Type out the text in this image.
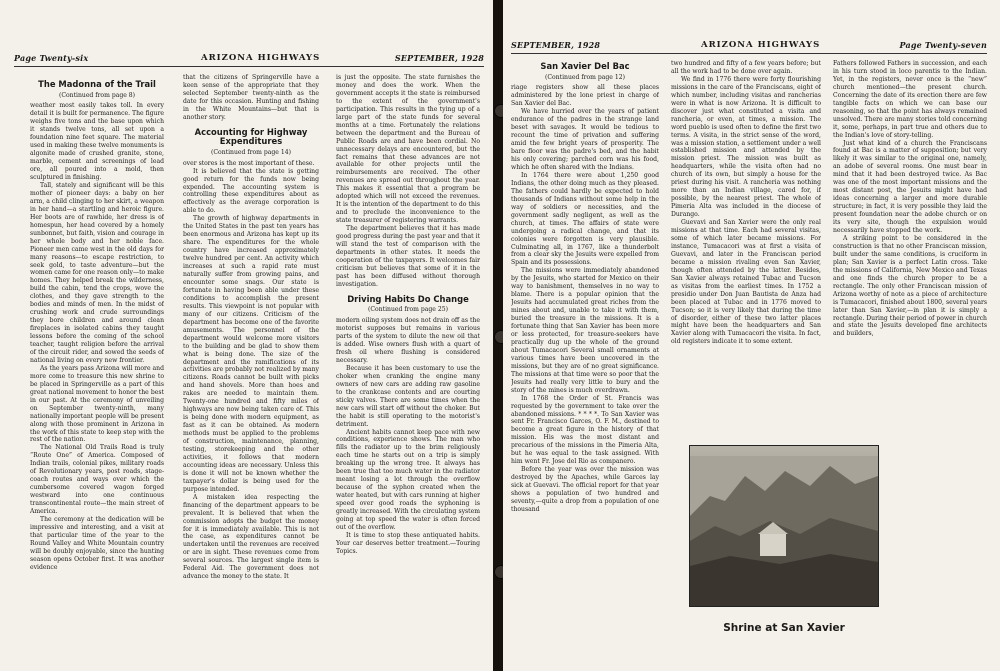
Page Twenty-six	ARIZONA HIGHWAYS	SEPTEMBER, 1928
The Madonna of the Trail

(Continued from page 8)

weather most easily takes toll. In every detail it is built for permanence. The figure weighs five tons and the base upon which it stands twelve tons, all set upon a foundation nine feet square. The material used in making these twelve monuments is algonite made of crushed granite, stone, marble, cement and screenings of lead ore, all poured into a mold, then sculptured in finishing.

Tall, stately and significant will be this mother of pioneer days: a baby on her arm, a child clinging to her skirt, a weapon in her hand—a startling and heroic figure. Her boots are of rawhide, her dress is of homespun, her head covered by a homely sunbonnet, but faith, vision and courage in her whole body and her noble face. Pioneer men came west in the old days for many reasons—to escape restriction, to seek gold, to taste adventure—but the women came for one reason only—to make homes. They helped break the wilderness, build the cabin, tend the crops, wove the clothes, and they gave strength to the bodies and minds of men. In the midst of crushing work and crude surroundings they bore children and around clean fireplaces in isolated cabins they taught lessons before the coming of the school teacher, taught religion before the arrival of the circuit rider, and sowed the seeds of national living on every new frontier.

As the years pass Arizona will more and more come to treasure this new shrine to be placed in Springerville as a part of this great national movement to honor the best in our past. At the ceremony of unveiling on September twenty-ninth, many nationally important people will be present along with those prominent in Arizona in the work of this state to keep step with the rest of the nation.

The National Old Trails Road is truly “Route One” of America. Composed of Indian trails, colonial pikes, military roads of Revolutionary years, post roads, stage-coach routes and ways over which the cumbersome covered wagon forged westward into one continuous transcontinental route—the main street of America.

The ceremony at the dedication will be impressive and interesting, and a visit at that particular time of the year to the Round Valley and White Mountain country will be doubly enjoyable, since the hunting season opens October first. It was another evidence

that the citizens of Springerville have a keen sense of the appropriate that they selected September twenty-ninth as the date for this occasion. Hunting and fishing in the White Mountains—but that is another story.

Accounting for Highway Expenditures

(Continued from page 14)

over stores is the most important of these.

It is believed that the state is getting good return for the funds now being expended. The accounting system is controlling these expenditures about as effectively as the average corporation is able to do.

The growth of highway departments in the United States in the past ten years has been enormous and Arizona has kept up its share. The expenditures for the whole country have increased approximately twelve hundred per cent. An activity which increases at such a rapid rate must naturally suffer from growing pains, and encounter some snags. Our state is fortunate in having been able under these conditions to accomplish the present results. This viewpoint is not popular with many of our citizens. Criticism of the department has become one of the favorite amusements. The personnel of the department would welcome more visitors to the building and be glad to show them what is being done. The size of the department and the ramifications of its activities are probably not realized by many citizens. Roads cannot be built with picks and hand shovels. More than hoes and rakes are needed to maintain them. Twenty-one hundred and fifty miles of highways are now being taken care of. This is being done with modern equipment, as fast as it can be obtained. As modern methods must be applied to the problems of construction, maintenance, planning, testing, storekeeping and the other activities, it follows that modern accounting ideas are necessary. Unless this is done it will not be known whether the taxpayer's dollar is being used for the purpose intended.

A mistaken idea respecting the financing of the department appears to be prevalent. It is believed that when the commission adopts the budget the money for it is immediately available. This is not the case, as expenditures cannot be undertaken until the revenues are received or are in sight. These revenues come from several sources. The largest single item is Federal Aid. The government does not advance the money to the state. It

is just the opposite. The state furnishes the money and does the work. When the government accepts it the state is reimbursed to the extent of the government's participation. This results in the tying up of a large part of the state funds for several months at a time. Fortunately the relations between the department and the Bureau of Public Roads are and have been cordial. No unnecessary delays are encountered, but the fact remains that these advances are not available for other projects until the reimbursements are received. The other revenues are spread out throughout the year. This makes it essential that a program be adopted which will not exceed the revenues. It is the intention of the department to do this and to preclude the inconvenience to the state treasurer of registering warrants.

The department believes that it has made good progress during the past year and that it will stand the test of comparison with the departments in other states. It needs the cooperation of the taxpayers. It welcomes fair criticism but believes that some of it in the past has been diffused without thorough investigation.

Driving Habits Do Change

(Continued from page 25)

modern oiling system does not drain off as the motorist supposes but remains in various parts of the system to dilute the new oil that is added. Wise owners flush with a quart of fresh oil where flushing is considered necessary.

Because it has been customary to use the choker when cranking the engine many owners of new cars are adding raw gasoline to the crankcase contents and are courting sticky valves. There are some times when the new cars will start off without the choker. But the habit is still operating to the motorist's detriment.

Ancient habits cannot keep pace with new conditions, experience shows. The man who fills the radiator up to the brim religiously each time he starts out on a trip is simply breaking up the wrong tree. It always has been true that too much water in the radiator meant losing a lot through the overflow because of the syphon created when the water heated, but with cars running at higher speed over good roads the syphoning is greatly increased. With the circulating system going at top speed the water is often forced out of the overflow.

It is time to stop these antiquated habits. Your car deserves better treatment.—Touring Topics.

SEPTEMBER, 1928	ARIZONA HIGHWAYS	Page Twenty-seven
San Xavier Del Bac

(Continued from page 12)

riage registers show all these places administered by the lone priest in charge of San Xavier del Bac.

We have hurried over the years of patient endurance of the padres in the strange land beset with savages. It would be tedious to recount the time of privation and suffering amid the few bright years of prosperity. The bare floor was the padre's bed, and the habit his only covering; parched corn was his food, which he often shared with the Indians.

In 1764 there were about 1,250 good Indians, the other doing much as they pleased. The fathers could hardly be expected to hold thousands of Indians without some help in the way of soldiers or necessities, and the government sadly negligent, as well as the church, at times. The affairs of state were undergoing a radical change, and that its colonies were forgotten is very plausible. Culminating all, in 1767, like a thunderbolt from a clear sky the Jesuits were expelled from Spain and its possessions.

The missions were immediately abandoned by the Jesuits, who started for Mexico on their way to banishment, themselves in no way to blame. There is a popular opinion that the Jesuits had accumulated great riches from the mines about and, unable to take it with them, buried the treasure in the missions. It is a fortunate thing that San Xavier has been more or less protected, for treasure-seekers have practically dug up the whole of the ground about Tumacacori Several small ornaments at various times have been uncovered in the missions, but they are of no great significance. The missions at that time were so poor that the Jesuits had really very little to bury and the story of the mines is much overdrawn.

In 1768 the Order of St. Francis was requested by the government to take over the abandoned missions. * * * *. To San Xavier was sent Fr. Francisco Garces, O. F. M., destined to become a great figure in the history of that mission. His was the most distant and precarious of the missions in the Pimeria Alta, but he was equal to the task assigned. With him went Fr. Jose del Rio as companero.

Before the year was over the mission was destroyed by the Apaches, while Garces lay sick at Guevavi. The official report for that year shows a population of two hundred and seventy,—quite a drop from a population of one thousand

two hundred and fifty of a few years before; but all the work had to be done over again.

We find in 1776 there were forty flourishing missions in the care of the Franciscans, eight of which number, including visitas and rancherias were in what is now Arizona. It is difficult to discover just what constituted a visita and rancheria, or even, at times, a mission. The word pueblo is used often to define the first two terms. A visita, in the strict sense of the word, was a mission station, a settlement under a well established mission and attended by the mission priest. The mission was built as headquarters, while the visita often had no church of its own, but simply a house for the priest during his visit. A rancheria was nothing more than an Indian village, cared for, if possible, by the nearest priest. The whole of Pimeria Alta was included in the diocese of Durango.

Guevavi and San Xavier were the only real missions at that time. Each had several visitas, some of which later became missions. For instance, Tumacacori was at first a visita of Guevavi, and later in the Franciscan period became a mission rivaling even San Xavier, though often attended by the latter. Besides, San Xavier always retained Tubac and Tucson as visitas from the earliest times. In 1752 a presidio under Don Juan Bautista de Anza had been placed at Tubac and in 1776 moved to Tucson; so it is very likely that during the time of disorder, either of these two latter places might have been the headquarters and San Xavier along with Tumacacori the visita. In fact, old registers indicate it to some extent.

Fathers followed Fathers in succession, and each in his turn stood in loco parentis to the Indian. Yet, in the registers, never once is the “new” church mentioned—the present church. Concerning the date of its erection there are few tangible facts on which we can base our reasoning, so that the point has always remained unsolved. There are many stories told concerning it, some, perhaps, in part true and others due to the Indian's love of story-telling.

Just what kind of a church the Franciscans found at Bac is a matter of supposition; but very likely it was similar to the original one, namely, an adobe of several rooms. One must bear in mind that it had been destroyed twice. As Bac was one of the most important missions and the most distant post, the Jesuits might have had ideas concerning a larger and more durable structure; in fact, it is very possible they laid the present foundation near the adobe church or on its very site, though the expulsion would necessarily have stopped the work.

A striking point to be considered in the construction is that no other Franciscan mission, built under the same conditions, is cruciform in plan; San Xavier is a perfect Latin cross. Take the missions of California, New Mexico and Texas and one finds the church proper to be a rectangle. The only other Franciscan mission of Arizona worthy of note as a piece of architecture is Tumacacori, finished about 1800, several years later than San Xavier,—in plan it is simply a rectangle. During their period of power in church and state the Jesuits developed fine architects and builders,

Shrine at San Xavier
